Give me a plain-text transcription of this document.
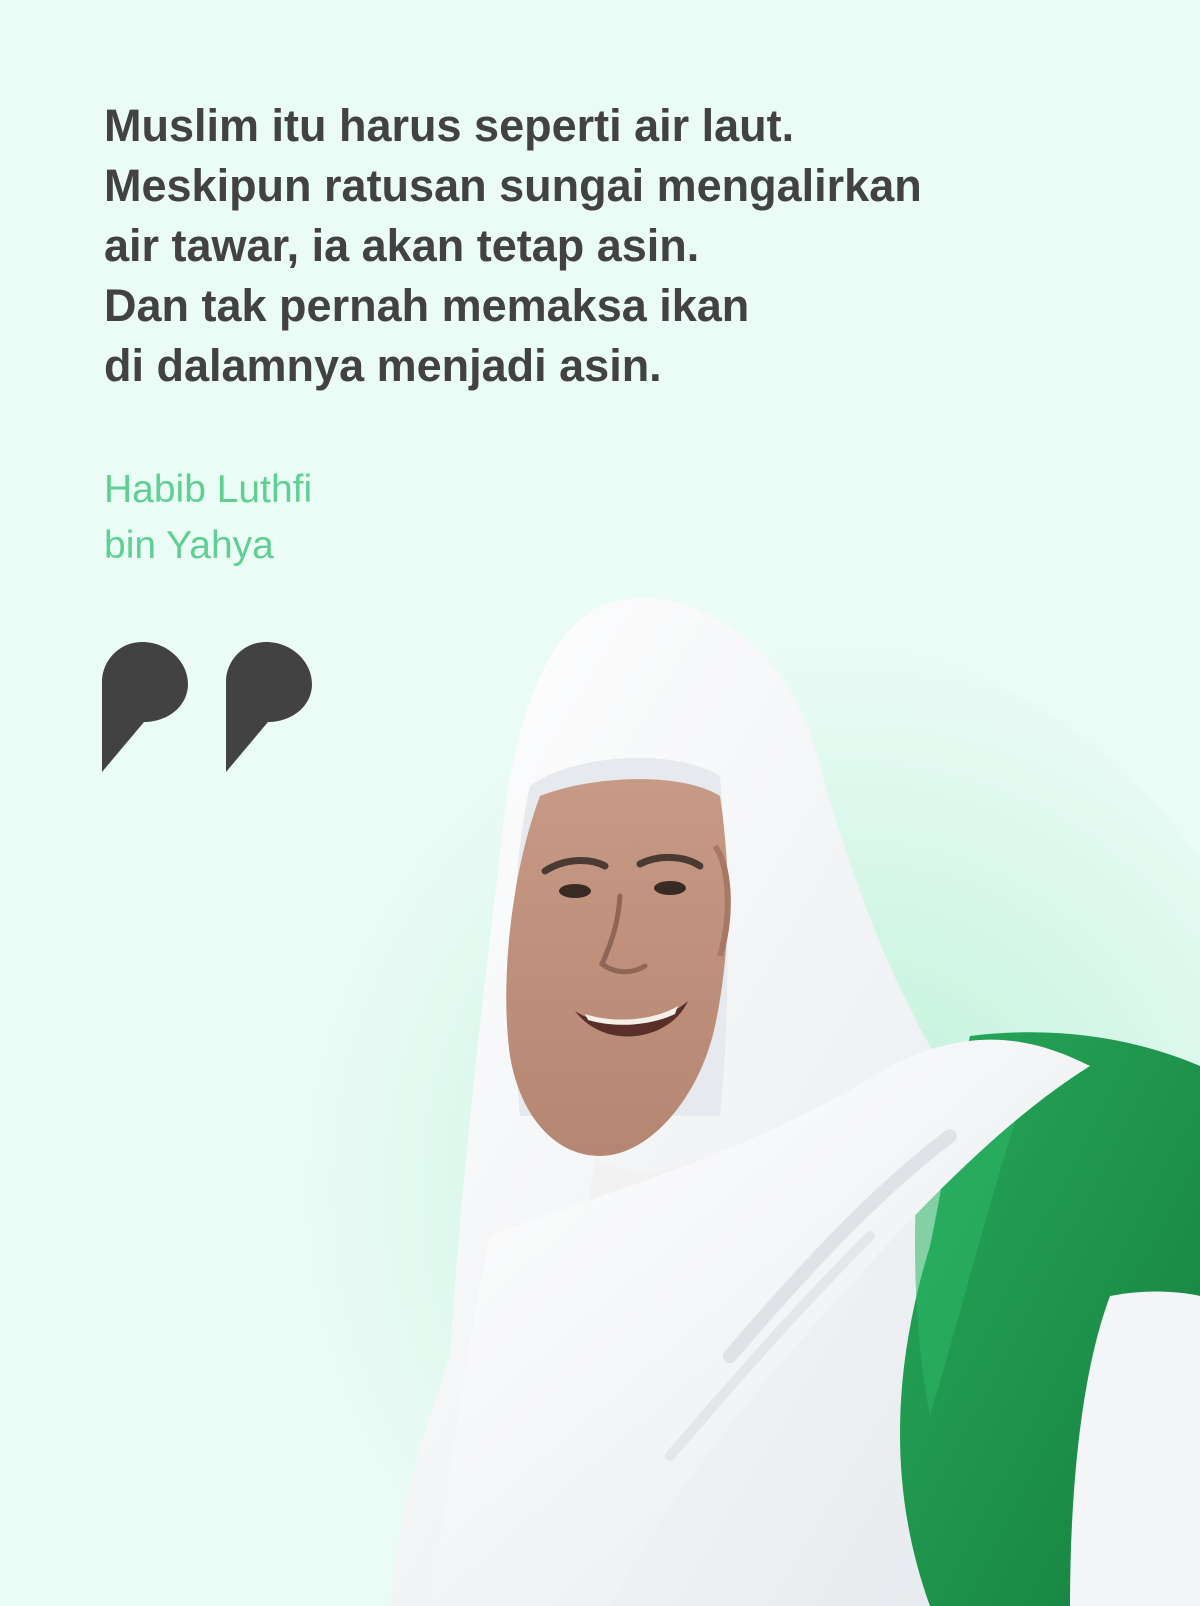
Muslim itu harus seperti air laut.
Meskipun ratusan sungai mengalirkan
air tawar, ia akan tetap asin.
Dan tak pernah memaksa ikan
di dalamnya menjadi asin.

Habib Luthfi
bin Yahya
